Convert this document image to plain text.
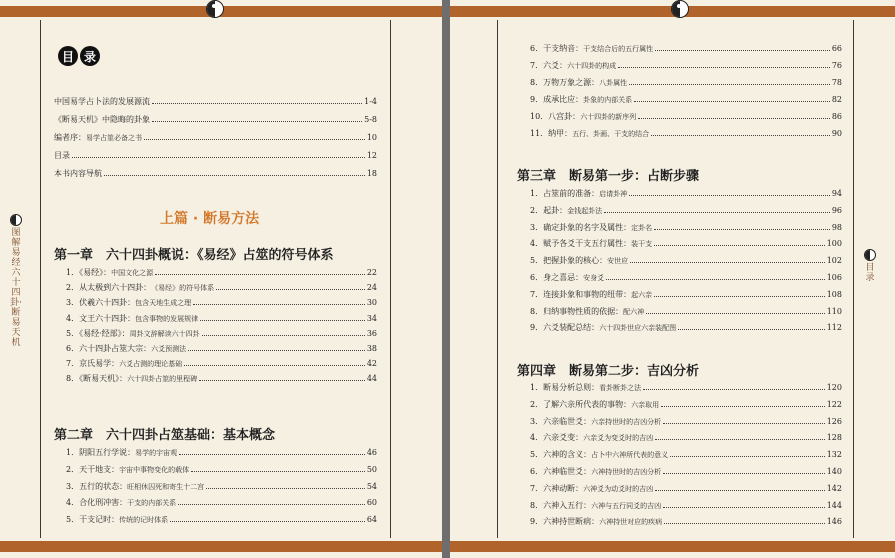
图解易经六十四卦·断易天机
目 录
中国易学占卜法的发展源流	1-4
《断易天机》中隐晦的卦象	5-8
编者序： 易学占筮必备之书	10
目录	12
本书内容导航	18
上篇 · 断易方法
第一章　六十四卦概说：《易经》占筮的符号体系
1．《易经》： 中国文化之源	22
2．从太极到六十四卦： 《易经》的符号体系	24
3．伏羲六十四卦： 包含天地生成之理	30
4．文王六十四卦： 包含事物的发展规律	34
5．《易经·经部》： 周卦文辞解读六十四卦	36
6．六十四卦占筮大宗： 六爻预测法	38
7．京氏易学： 六爻占测的理论基础	42
8．《断易天机》： 六十四卦占筮的里程碑	44
第二章　六十四卦占筮基础：基本概念
1．阴阳五行学说： 易学的宇宙观	46
2．天干地支： 宇宙中事物变化的载体	50
3．五行的状态： 旺相休囚死和寄生十二宫	54
4．合化刑冲害： 干支的内部关系	60
5．干支记时： 传统的记时体系	64
目录
6．干支纳音： 干支结合后的五行属性	66
7．六爻： 六十四卦的构成	76
8．万物万象之源： 八卦属性	78
9．成承比应： 卦象的内部关系	82
10．八宫卦： 六十四卦的新序列	86
11．纳甲： 五行、卦画、干支的结合	90
第三章　断易第一步：占断步骤
1．占筮前的准备： 启请卦神	94
2．起卦： 金钱起卦法	96
3．确定卦象的名字及属性： 定卦名	98
4．赋予各爻干支五行属性： 装干支	100
5．把握卦象的核心： 安世应	102
6．身之喜忌： 安身爻	106
7．连接卦象和事物的纽带： 起六亲	108
8．归纳事物性质的依据： 配六神	110
9．六爻装配总结： 六十四卦世应六亲装配图	112
第四章　断易第二步：吉凶分析
1．断易分析总则： 看卦断卦之法	120
2．了解六亲所代表的事物： 六亲取用	122
3．六亲临世爻： 六亲持世时的吉凶分析	126
4．六亲爻变： 六亲爻为变爻时的吉凶	128
5．六神的含义： 占卜中六神所代表的意义	132
6．六神临世爻： 六神持世时的吉凶分析	140
7．六神动断： 六神爻为动爻时的吉凶	142
8．六神入五行： 六神与五行同爻的吉凶	144
9．六神持世断病： 六神持世对应的疾病	146
